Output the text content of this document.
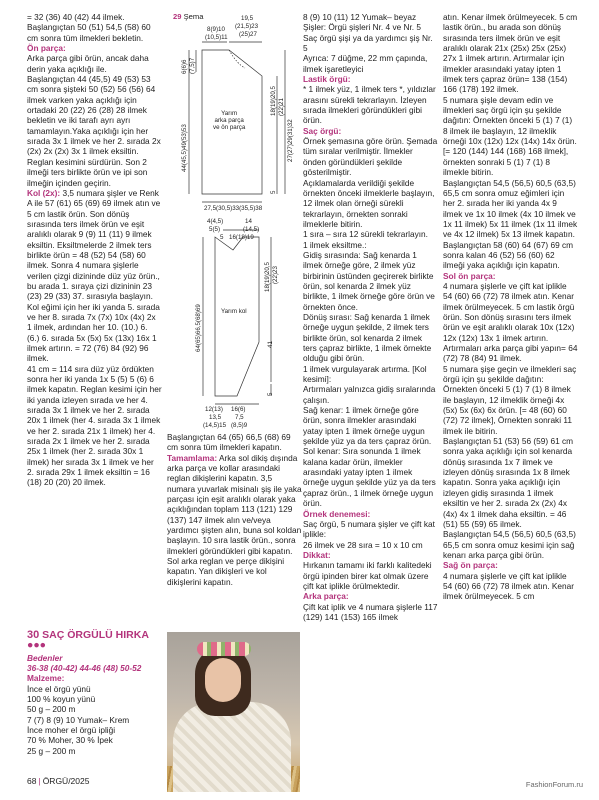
= 32 (36) 40 (42) 44 ilmek.

Başlangıçtan 50 (51) 54,5 (58) 60 cm sonra tüm ilmekleri bekletin.

Ön parça:

Arka parça gibi örün, ancak daha derin yaka açıklığı ile.

Başlangıçtan 44 (45,5) 49 (53) 53 cm sonra şişteki 50 (52) 56 (56) 64 ilmek varken yaka açıklığı için ortadaki 20 (22) 26 (28) 28 ilmek bekletin ve iki tarafı ayrı ayrı tamamlayın.Yaka açıklığı için her sırada 3x 1 ilmek ve her 2. sırada 2x (2x) 2x (2x) 3x 1 ilmek eksiltin. Reglan kesimini sürdürün. Son 2 ilmeği ters birlikte örün ve ipi son ilmeğin içinden geçirin.

Kol (2x): 3,5 numara şişler ve Renk A ile 57 (61) 65 (69) 69 ilmek atın ve 5 cm lastik örün. Son dönüş sırasında ters ilmek örün ve eşit aralıklı olarak 9 (9) 11 (11) 9 ilmek eksiltin. Eksiltmelerde 2 ilmek ters birlikte örün = 48 (52) 54 (58) 60 ilmek. Sonra 4 numara şişlerle verilen çizgi dizininde düz yüz örün., bu arada 1. sıraya çizi dizininin 23 (23) 29 (33) 37. sırasıyla başlayın.

Kol eğimi için her iki yanda 5. sırada ve her 8. sırada 7x (7x) 10x (4x) 2x 1 ilmek, ardından her 10. (10.) 6. (6.) 6. sırada 5x (5x) 5x (13x) 16x 1 ilmek artırın. = 72 (76) 84 (92) 96 ilmek.

41 cm = 114 sıra düz yüz ördükten sonra her iki yanda 1x 5 (5) 5 (6) 6 ilmek kapatın. Reglan kesimi için her iki yanda izleyen sırada ve her 4. sırada 3x 1 ilmek ve her 2. sırada 20x 1 ilmek (her 4. sırada 3x 1 ilmek ve her 2. sırada 21x 1 ilmek) her 4. sırada 2x 1 ilmek ve her 2. sırada 25x 1 ilmek (her 2. sırada 30x 1 ilmek) her sırada 3x 1 ilmek ve her 2. sırada 29x 1 ilmek eksiltin = 16 (18) 20 (20) 20 ilmek.

30 SAÇ ÖRGÜLÜ HIRKA ●●●

Bedenler

36-38 (40-42) 44-46 (48) 50-52

Malzeme:

İnce el örgü yünü

100 % koyun yünü

50 g – 200 m

7 (7) 8 (9) 10 Yumak– Krem

İnce moher el örgü ipliği

70 % Moher, 30 % İpek

25 g – 200 m

29 Şema	19,5
(21,5)23
(25)27
8(9)10
(10,5)11
6(6)6 (7,5)7
44(45,5)49(53)53
Yarım
arka parça
ve ön parça
18(19)20,5 (22)21
27(27)29(31)32
5
27,5(30,5)33(35,5)38
4(4,5)
5(5)
5
14
(14,5)
16(18)19
Yarım kol
64(65)66,5(68)69
18(19)20,5 (22)23
41
5
12(13) 16(6)
13,5 7,5
(14,5)15 (8,5)9

Başlangıçtan 64 (65) 66,5 (68) 69 cm sonra tüm ilmekleri kapatın.

Tamamlama: Arka sol dikiş dışında arka parça ve kollar arasındaki reglan dikişlerini kapatın. 3,5 numara yuvarlak misinalı şiş ile yaka parçası için eşit aralıklı olarak yaka açıklığından toplam 113 (121) 129 (137) 147 ilmek alın ve/veya yardımcı şişten alın, buna sol koldan başlayın. 10 sıra lastik örün., sonra ilmekleri göründükleri gibi kapatın. Sol arka reglan ve perçe dikişini kapatın. Yan dikişleri ve kol dikişlerini kapatın.

8 (9) 10 (11) 12 Yumak– beyaz

Şişler: Örgü şişleri Nr. 4 ve Nr. 5

Saç örgü şişi ya da yardımcı şiş Nr. 5

Ayrıca: 7 düğme, 22 mm çapında, ilmek işaretleyici

Lastik örgü:

* 1 ilmek yüz, 1 ilmek ters *, yıldızlar arasını sürekli tekrarlayın. İzleyen sırada ilmekleri göründükleri gibi örün.

Saç örgü:

Örnek şemasına göre örün. Şemada tüm sıralar verilmiştir. İlmekler önden göründükleri şekilde gösterilmiştir.

Açıklamalarda verildiği şekilde örnekten önceki ilmeklerle başlayın, 12 ilmek olan örneği sürekli tekrarlayın, örnekten sonraki ilmeklerle bitirin.

1 sıra – sıra 12 sürekli tekrarlayın.

1 ilmek eksiltme.:

Gidiş sırasında: Sağ kenarda 1 ilmek örneğe göre, 2 ilmek yüz birbirinin üstünden geçirerek birlikte örün, sol kenarda 2 ilmek yüz birlikte, 1 ilmek örneğe göre örün ve örnekten önce.

Dönüş sırası: Sağ kenarda 1 ilmek örneğe uygun şekilde, 2 ilmek ters birlikte örün, sol kenarda 2 ilmek ters çapraz birlikte, 1 ilmek örnekte olduğu gibi örün.

1 ilmek vurgulayarak artırma. [Kol kesimi]:

Artırmaları yalnızca gidiş sıralarında çalışın.

Sağ kenar: 1 ilmek örneğe göre örün, sonra ilmekler arasındaki yatay ipten 1 ilmek örneğe uygun şekilde yüz ya da ters çapraz örün.

Sol kenar: Sıra sonunda 1 ilmek kalana kadar örün, ilmekler arasındaki yatay ipten 1 ilmek örneğe uygun şekilde yüz ya da ters çapraz örün., 1 ilmek örneğe uygun örün.

Örnek denemesi:

Saç örgü, 5 numara şişler ve çift kat iplikle:

26 ilmek ve 28 sıra = 10 x 10 cm

Dikkat:

Hırkanın tamamı iki farklı kalitedeki örgü ipinden birer kat olmak üzere çift kat iplikle örülmektedir.

Arka parça:

Çift kat iplik ve 4 numara şişlerle 117 (129) 141 (153) 165 ilmek

atın. Kenar ilmek örülmeyecek. 5 cm lastik örün., bu arada son dönüş sırasında ters ilmek örün ve eşit aralıklı olarak 21x (25x) 25x (25x) 27x 1 ilmek artırın. Artırmalar için ilmekler arasındaki yatay ipten 1 ilmek ters çapraz örün= 138 (154) 166 (178) 192 ilmek.

5 numara şişle devam edin ve ilmekleri saç örgü için şu şekilde dağıtın: Örnekten önceki 5 (1) 7 (1) 8 ilmek ile başlayın, 12 ilmeklik örneği 10x (12x) 12x (14x) 14x örün. [= 120 (144) 144 (168) 168 ilmek], örnekten sonraki 5 (1) 7 (1) 8 ilmekle bitirin.

Başlangıçtan 54,5 (56,5) 60,5 (63,5) 65,5 cm sonra omuz eğimleri için her 2. sırada her iki yanda 4x 9 ilmek ve 1x 10 ilmek (4x 10 ilmek ve 1x 11 ilmek) 5x 11 ilmek (1x 11 ilmek ve 4x 12 ilmek) 5x 13 ilmek kapatın.

Başlangıçtan 58 (60) 64 (67) 69 cm sonra kalan 46 (52) 56 (60) 62 ilmeği yaka açıklığı için kapatın.

Sol ön parça:

4 numara şişlerle ve çift kat iplikle 54 (60) 66 (72) 78 ilmek atın. Kenar ilmek örülmeyecek. 5 cm lastik örgü örün. Son dönüş sırasını ters ilmek örün ve eşit aralıklı olarak 10x (12x) 12x (12x) 13x 1 ilmek artırın. Artırmaları arka parça gibi yapın= 64 (72) 78 (84) 91 ilmek.

5 numara şişe geçin ve ilmekleri saç örgü için şu şekilde dağıtın: Örnekten önceki 5 (1) 7 (1) 8 ilmek ile başlayın, 12 ilmeklik örneği 4x (5x) 5x (6x) 6x örün. [= 48 (60) 60 (72) 72 ilmek], Örnekten sonraki 11 ilmek ile bitirin.

Başlangıçtan 51 (53) 56 (59) 61 cm sonra yaka açıklığı için sol kenarda dönüş sırasında 1x 7 ilmek ve izleyen dönüş sırasında 1x 8 ilmek kapatın. Sonra yaka açıklığı için izleyen gidiş sırasında 1 ilmek eksiltin ve her 2. sırada 2x (2x) 4x (4x) 4x 1 ilmek daha eksiltin. = 46 (51) 55 (59) 65 ilmek.

Başlangıçtan 54,5 (56,5) 60,5 (63,5) 65,5 cm sonra omuz kesimi için sağ kenarı arka parça gibi örün.

Sağ ön parça:

4 numara şişlerle ve çift kat iplikle 54 (60) 66 (72) 78 ilmek atın. Kenar ilmek örülmeyecek. 5 cm

68 | ÖRGÜ/2025	FashionForum.ru
